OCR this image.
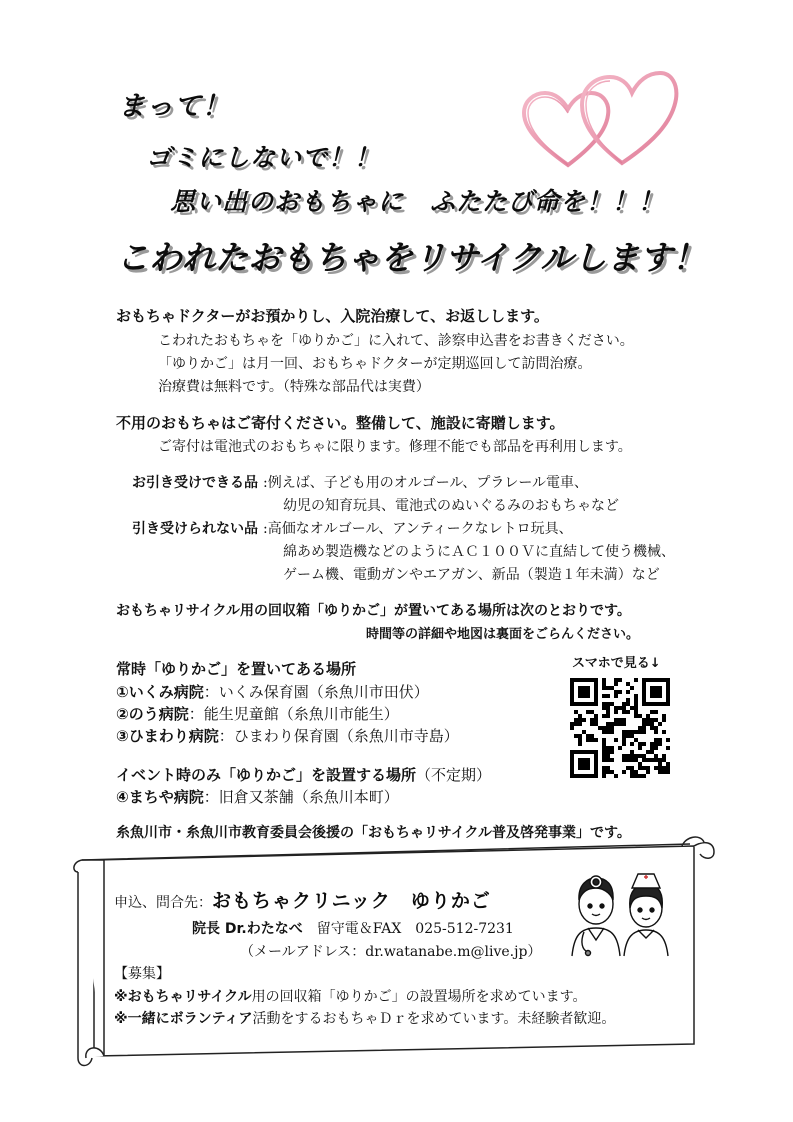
まって！
ゴミにしないで！！
思い出のおもちゃに　ふたたび命を！！！
こわれたおもちゃをリサイクルします！
おもちゃドクターがお預かりし、入院治療して、お返しします。
こわれたおもちゃを「ゆりかご」に入れて、診察申込書をお書きください。
「ゆりかご」は月一回、おもちゃドクターが定期巡回して訪問治療。
治療費は無料です。（特殊な部品代は実費）
不用のおもちゃはご寄付ください。整備して、施設に寄贈します。
ご寄付は電池式のおもちゃに限ります。修理不能でも部品を再利用します。
お引き受けできる品 :例えば、子ども用のオルゴール、プラレール電車、
幼児の知育玩具、電池式のぬいぐるみのおもちゃなど
引き受けられない品 :高価なオルゴール、アンティークなレトロ玩具、
綿あめ製造機などのようにＡＣ１００Ｖに直結して使う機械、
ゲーム機、電動ガンやエアガン、新品（製造１年未満）など
おもちゃリサイクル用の回収箱「ゆりかご」が置いてある場所は次のとおりです。
時間等の詳細や地図は裏面をごらんください。
常時「ゆりかご」を置いてある場所
①いくみ病院：いくみ保育園（糸魚川市田伏）
②のう病院：能生児童館（糸魚川市能生）
③ひまわり病院：ひまわり保育園（糸魚川市寺島）
イベント時のみ「ゆりかご」を設置する場所（不定期）
④まちや病院：旧倉又茶舗（糸魚川本町）
スマホで見る↓
糸魚川市・糸魚川市教育委員会後援の「おもちゃリサイクル普及啓発事業」です。
申込、問合先：おもちゃクリニック　ゆりかご
院長 Dr.わたなべ　 留守電＆FAX　025-512-7231
（メールアドレス：dr.watanabe.m@live.jp）
【募集】
※おもちゃリサイクル用の回収箱「ゆりかご」の設置場所を求めています。
※一緒にボランティア活動をするおもちゃＤｒを求めています。未経験者歓迎。
